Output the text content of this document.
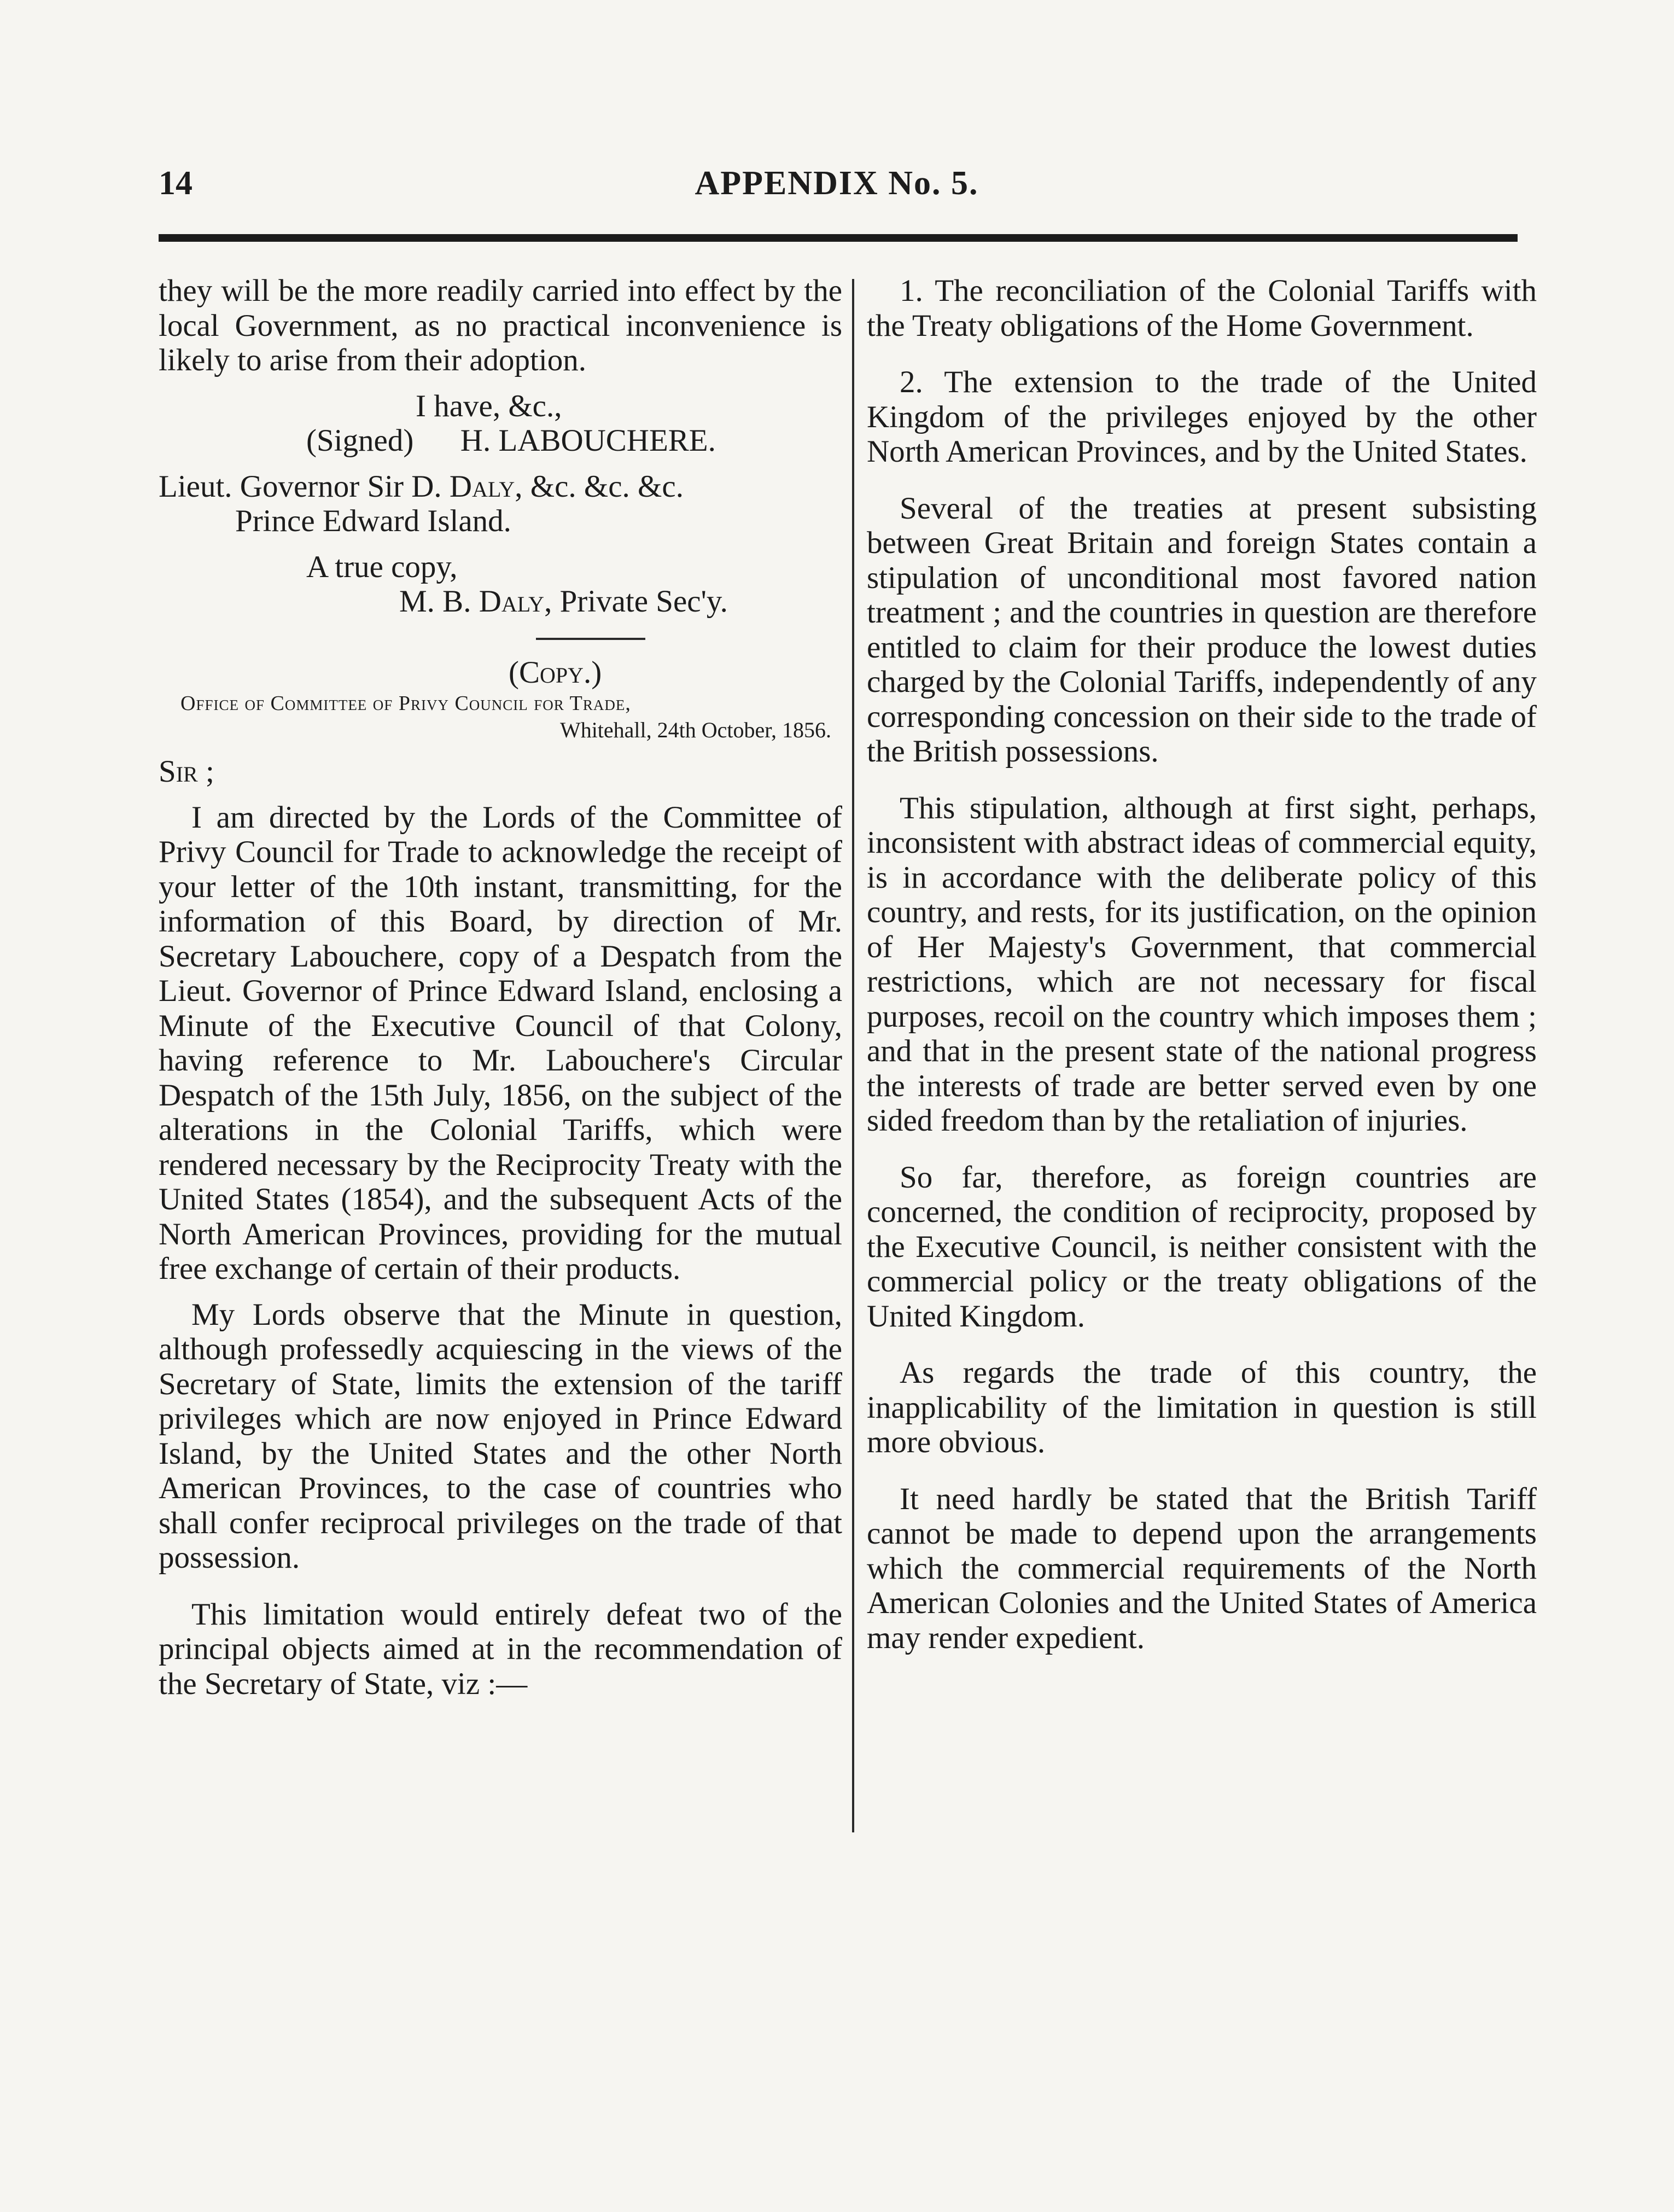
14	APPENDIX No. 5.

they will be the more readily carried into effect by the local Government, as no practical inconvenience is likely to arise from their adoption.

I have, &c.,

(Signed)      H. LABOUCHERE.

Lieut. Governor Sir D. Daly, &c. &c. &c.

Prince Edward Island.

A true copy,

M. B. Daly, Private Sec'y.

(Copy.)

Office of Committee of Privy Council for Trade,

Whitehall, 24th October, 1856.

Sir ;

I am directed by the Lords of the Committee of Privy Council for Trade to acknowledge the receipt of your letter of the 10th instant, transmitting, for the information of this Board, by direction of Mr. Secretary Labouchere, copy of a Despatch from the Lieut. Governor of Prince Edward Island, enclosing a Minute of the Executive Council of that Colony, having reference to Mr. Labouchere's Circular Despatch of the 15th July, 1856, on the subject of the alterations in the Colonial Tariffs, which were rendered necessary by the Reciprocity Treaty with the United States (1854), and the subsequent Acts of the North American Provinces, providing for the mutual free exchange of certain of their products.

My Lords observe that the Minute in question, although professedly acquiescing in the views of the Secretary of State, limits the extension of the tariff privileges which are now enjoyed in Prince Edward Island, by the United States and the other North American Provinces, to the case of countries who shall confer reciprocal privileges on the trade of that possession.

This limitation would entirely defeat two of the principal objects aimed at in the recommendation of the Secretary of State, viz :—

1. The reconciliation of the Colonial Tariffs with the Treaty obligations of the Home Government.

2. The extension to the trade of the United Kingdom of the privileges enjoyed by the other North American Provinces, and by the United States.

Several of the treaties at present subsisting between Great Britain and foreign States contain a stipulation of unconditional most favored nation treatment ; and the countries in question are therefore entitled to claim for their produce the lowest duties charged by the Colonial Tariffs, independently of any corresponding concession on their side to the trade of the British possessions.

This stipulation, although at first sight, perhaps, inconsistent with abstract ideas of commercial equity, is in accordance with the deliberate policy of this country, and rests, for its justification, on the opinion of Her Majesty's Government, that commercial restrictions, which are not necessary for fiscal purposes, recoil on the country which imposes them ; and that in the present state of the national progress the interests of trade are better served even by one sided freedom than by the retaliation of injuries.

So far, therefore, as foreign countries are concerned, the condition of reciprocity, proposed by the Executive Council, is neither consistent with the commercial policy or the treaty obligations of the United Kingdom.

As regards the trade of this country, the inapplicability of the limitation in question is still more obvious.

It need hardly be stated that the British Tariff cannot be made to depend upon the arrangements which the commercial requirements of the North American Colonies and the United States of America may render expedient.
